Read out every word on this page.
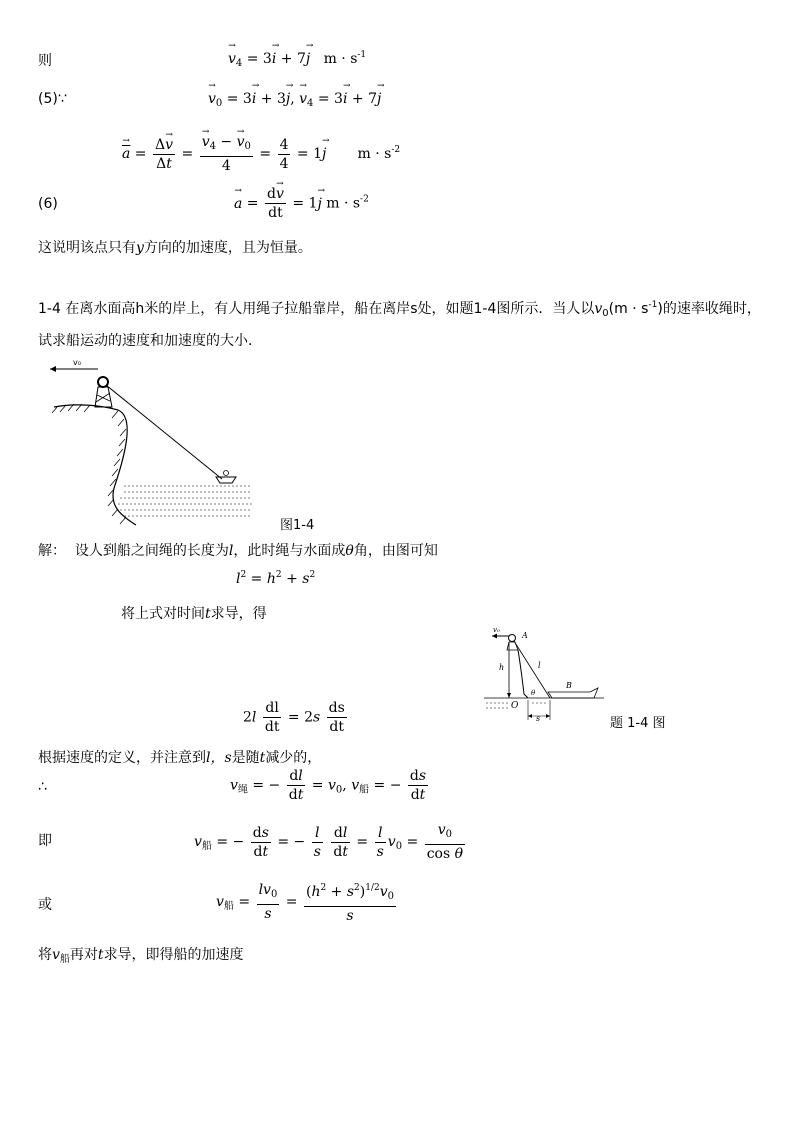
则	$v \to_4 = 3i$ → + $7j \to m \cdot s^{-1}$
(5)∵	$v \to_0 = 3i$ → + 3j →, $v \to_4 = 3i$ → + 7j →
$\overline{a}$ → = $\frac{\Delta v \to}{\Delta t} = \frac{v \to_4 - v \to_0}{4} = \frac{4}{4} = 1j \to m \cdot s^{-2}$
(6)	a → = $\frac{dv \to}{dt} = 1j \to m \cdot s^{-2}$
这说明该点只有y方向的加速度，且为恒量。
1-4 在离水面高h米的岸上，有人用绳子拉船靠岸，船在离岸s处，如题1-4图所示．当人以$v_0(m \cdot s^{-1})$的速率收绳时，
试求船运动的速度和加速度的大小．
v₀
图1-4
解： 设人到船之间绳的长度为l，此时绳与水面成θ角，由图可知
$l^2 = h^2 + s^2$
将上式对时间t求导，得
v₀
A
h	l
θ
B
O
s	题 1-4 图
$2l \frac{dl}{dt} = 2s \frac{ds}{dt}$
根据速度的定义，并注意到l，s是随t减少的，
∴	$v_绳$ = − $\frac{dl}{dt} = v_0$, $v_船$ = − $\frac{ds}{dt}$
即	$v_船$ = − $\frac{ds}{dt}$ = − $\frac{l}{s}$
$\frac{dl}{dt} = \frac{l}{s} v_0 = \frac{v_0}{\text{cos θ}}$
或	$v_船 = \frac{lv_0}{s} = \frac{(h^2 + s^2)^{1/2}v_0}{s}$
将$v_船$再对t求导，即得船的加速度
